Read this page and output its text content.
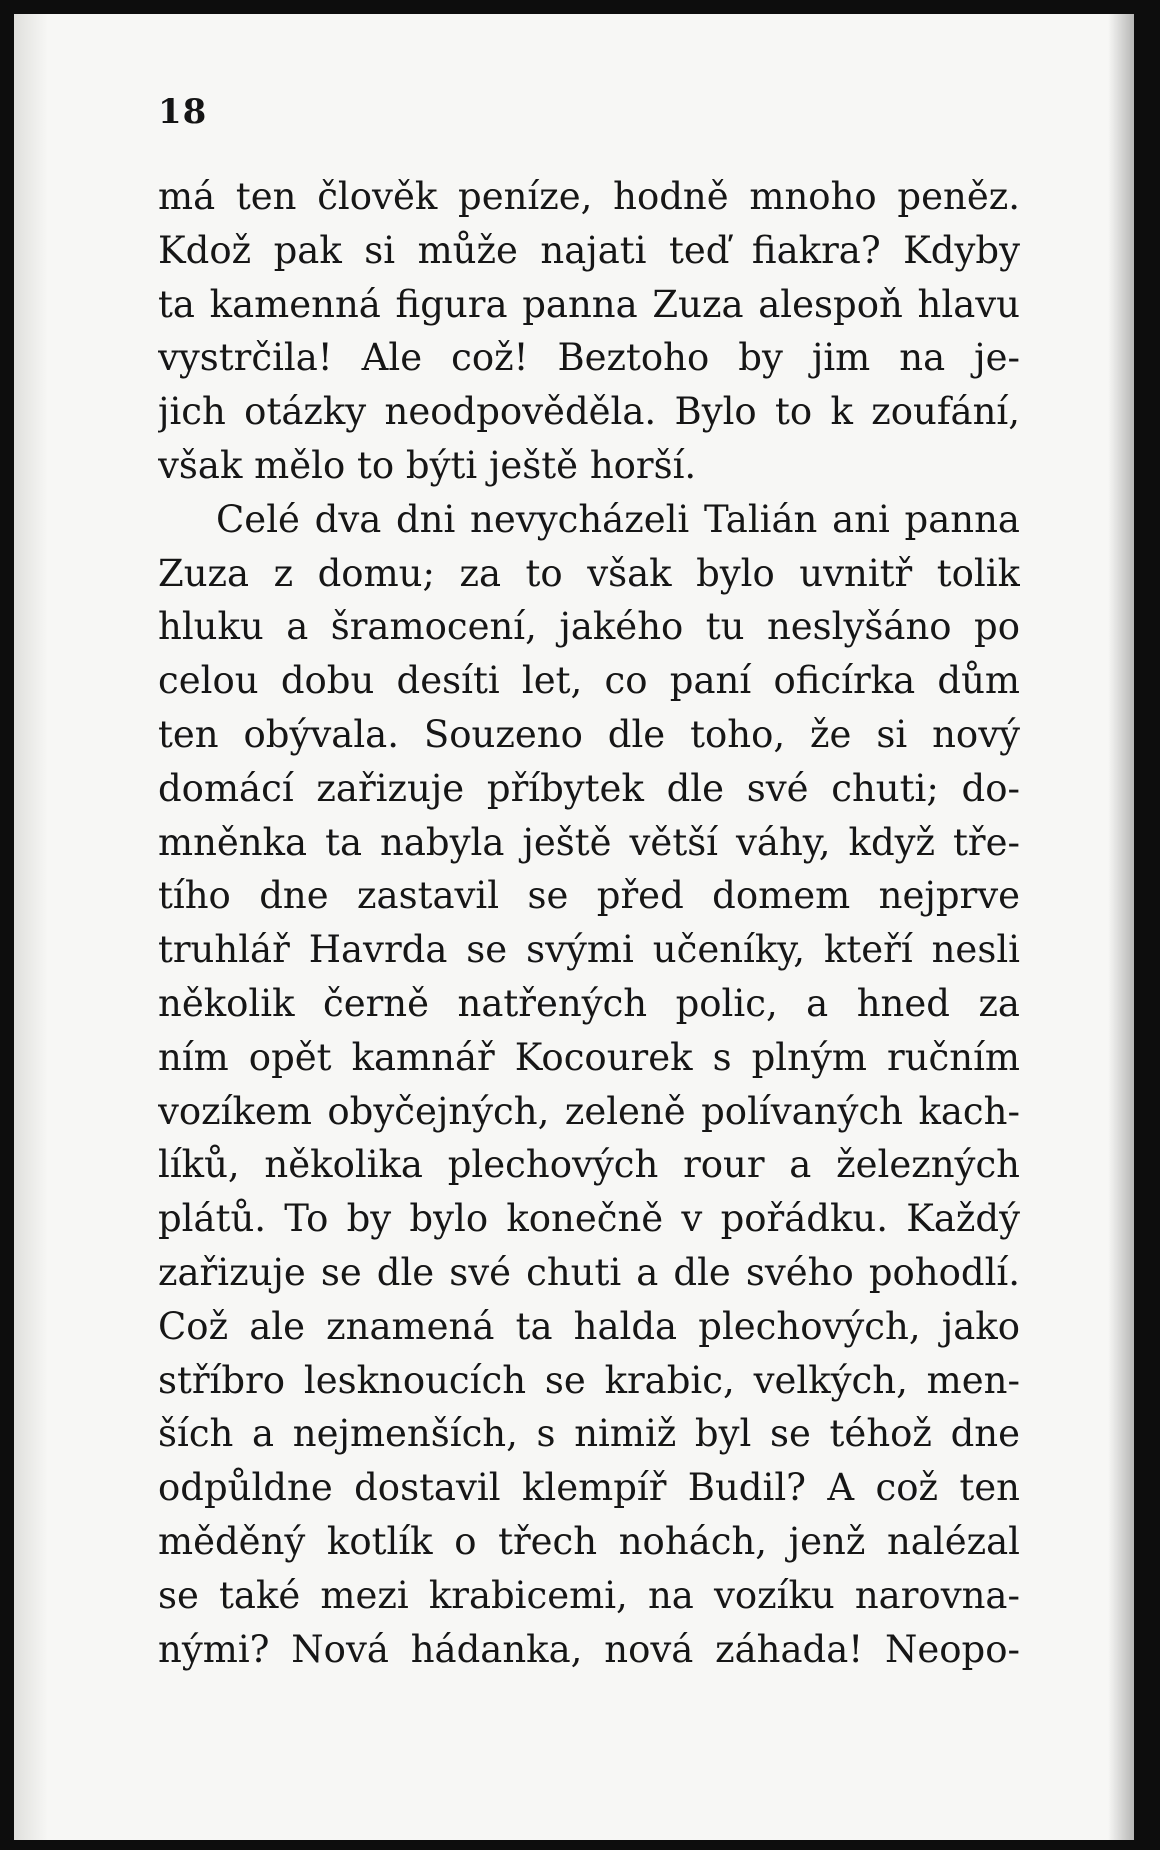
18
má ten člověk peníze, hodně mnoho peněz.
Kdož pak si může najati teď fiakra? Kdyby
ta kamenná figura panna Zuza alespoň hlavu
vystrčila! Ale což! Beztoho by jim na je-
jich otázky neodpověděla. Bylo to k zoufání,
však mělo to býti ještě horší.
Celé dva dni nevycházeli Talián ani panna
Zuza z domu; za to však bylo uvnitř tolik
hluku a šramocení, jakého tu neslyšáno po
celou dobu desíti let, co paní oficírka dům
ten obývala. Souzeno dle toho, že si nový
domácí zařizuje příbytek dle své chuti; do-
mněnka ta nabyla ještě větší váhy, když tře-
tího dne zastavil se před domem nejprve
truhlář Havrda se svými učeníky, kteří nesli
několik černě natřených polic, a hned za
ním opět kamnář Kocourek s plným ručním
vozíkem obyčejných, zeleně polívaných kach-
líků, několika plechových rour a železných
plátů. To by bylo konečně v pořádku. Každý
zařizuje se dle své chuti a dle svého pohodlí.
Což ale znamená ta halda plechových, jako
stříbro lesknoucích se krabic, velkých, men-
ších a nejmenších, s nimiž byl se téhož dne
odpůldne dostavil klempíř Budil? A což ten
měděný kotlík o třech nohách, jenž nalézal
se také mezi krabicemi, na vozíku narovna-
nými? Nová hádanka, nová záhada! Neopo-
